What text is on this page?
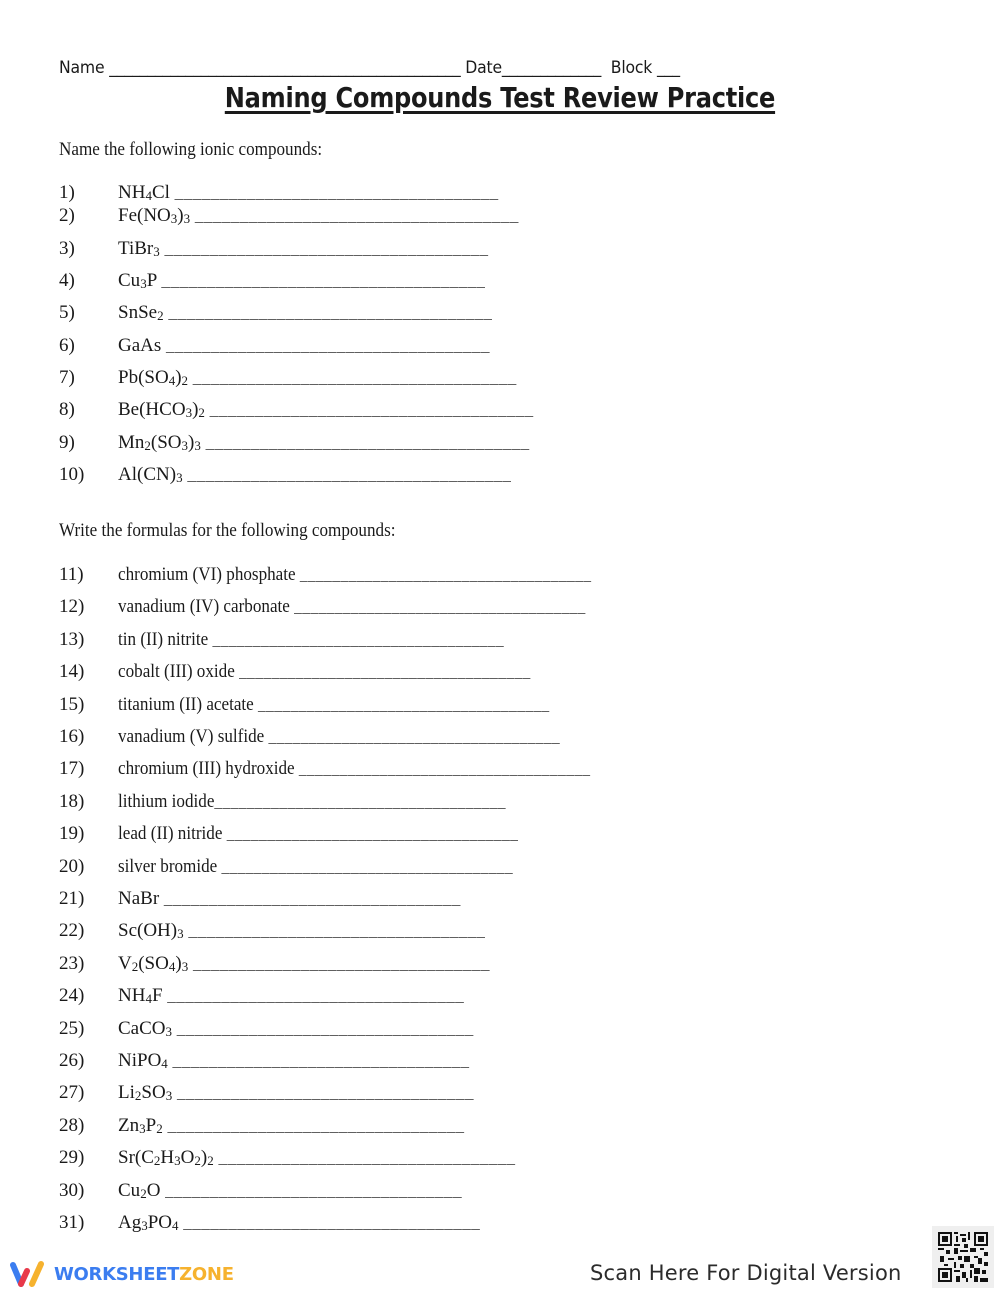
Name ______________________________________________ Date_____________ Block ___
Naming Compounds Test Review Practice
Name the following ionic compounds:
1) $NH_4Cl$ ____________________________________
2) $Fe(NO_3)_3$ ____________________________________
3) TiBr$_3$ ____________________________________
4) $Cu_3P$ ____________________________________
5) SnSe$_2$ ____________________________________
6) GaAs ____________________________________
7) $Pb(SO_4)_2$ ____________________________________
8) $Be(HCO_3)_2$ ____________________________________
9) $Mn_2(SO_3)_3$ ____________________________________
10) $Al(CN)_3$ ____________________________________
Write the formulas for the following compounds:
11) chromium (VI) phosphate ____________________________________
12) vanadium (IV) carbonate ____________________________________
13) tin (II) nitrite ____________________________________
14) cobalt (III) oxide ____________________________________
15) titanium (II) acetate ____________________________________
16) vanadium (V) sulfide ____________________________________
17) chromium (III) hydroxide ____________________________________
18) lithium iodide____________________________________
19) lead (II) nitride ____________________________________
20) silver bromide ____________________________________
21) NaBr _________________________________
22) $Sc(OH)_3$ _________________________________
23) $V_2(SO_4)_3$ _________________________________
24) $NH_4F$ _________________________________
25) CaCO$_3$ _________________________________
26) NiPO$_4$ _________________________________
27) $Li_2SO_3$ _________________________________
28) $Zn_3P_2$ _________________________________
29) $Sr(C_2H_3O_2)_2$ _________________________________
30) $Cu_2O$ _________________________________
31) $Ag_3PO_4$ _________________________________
WORKSHEETZONE	Scan Here For Digital Version
